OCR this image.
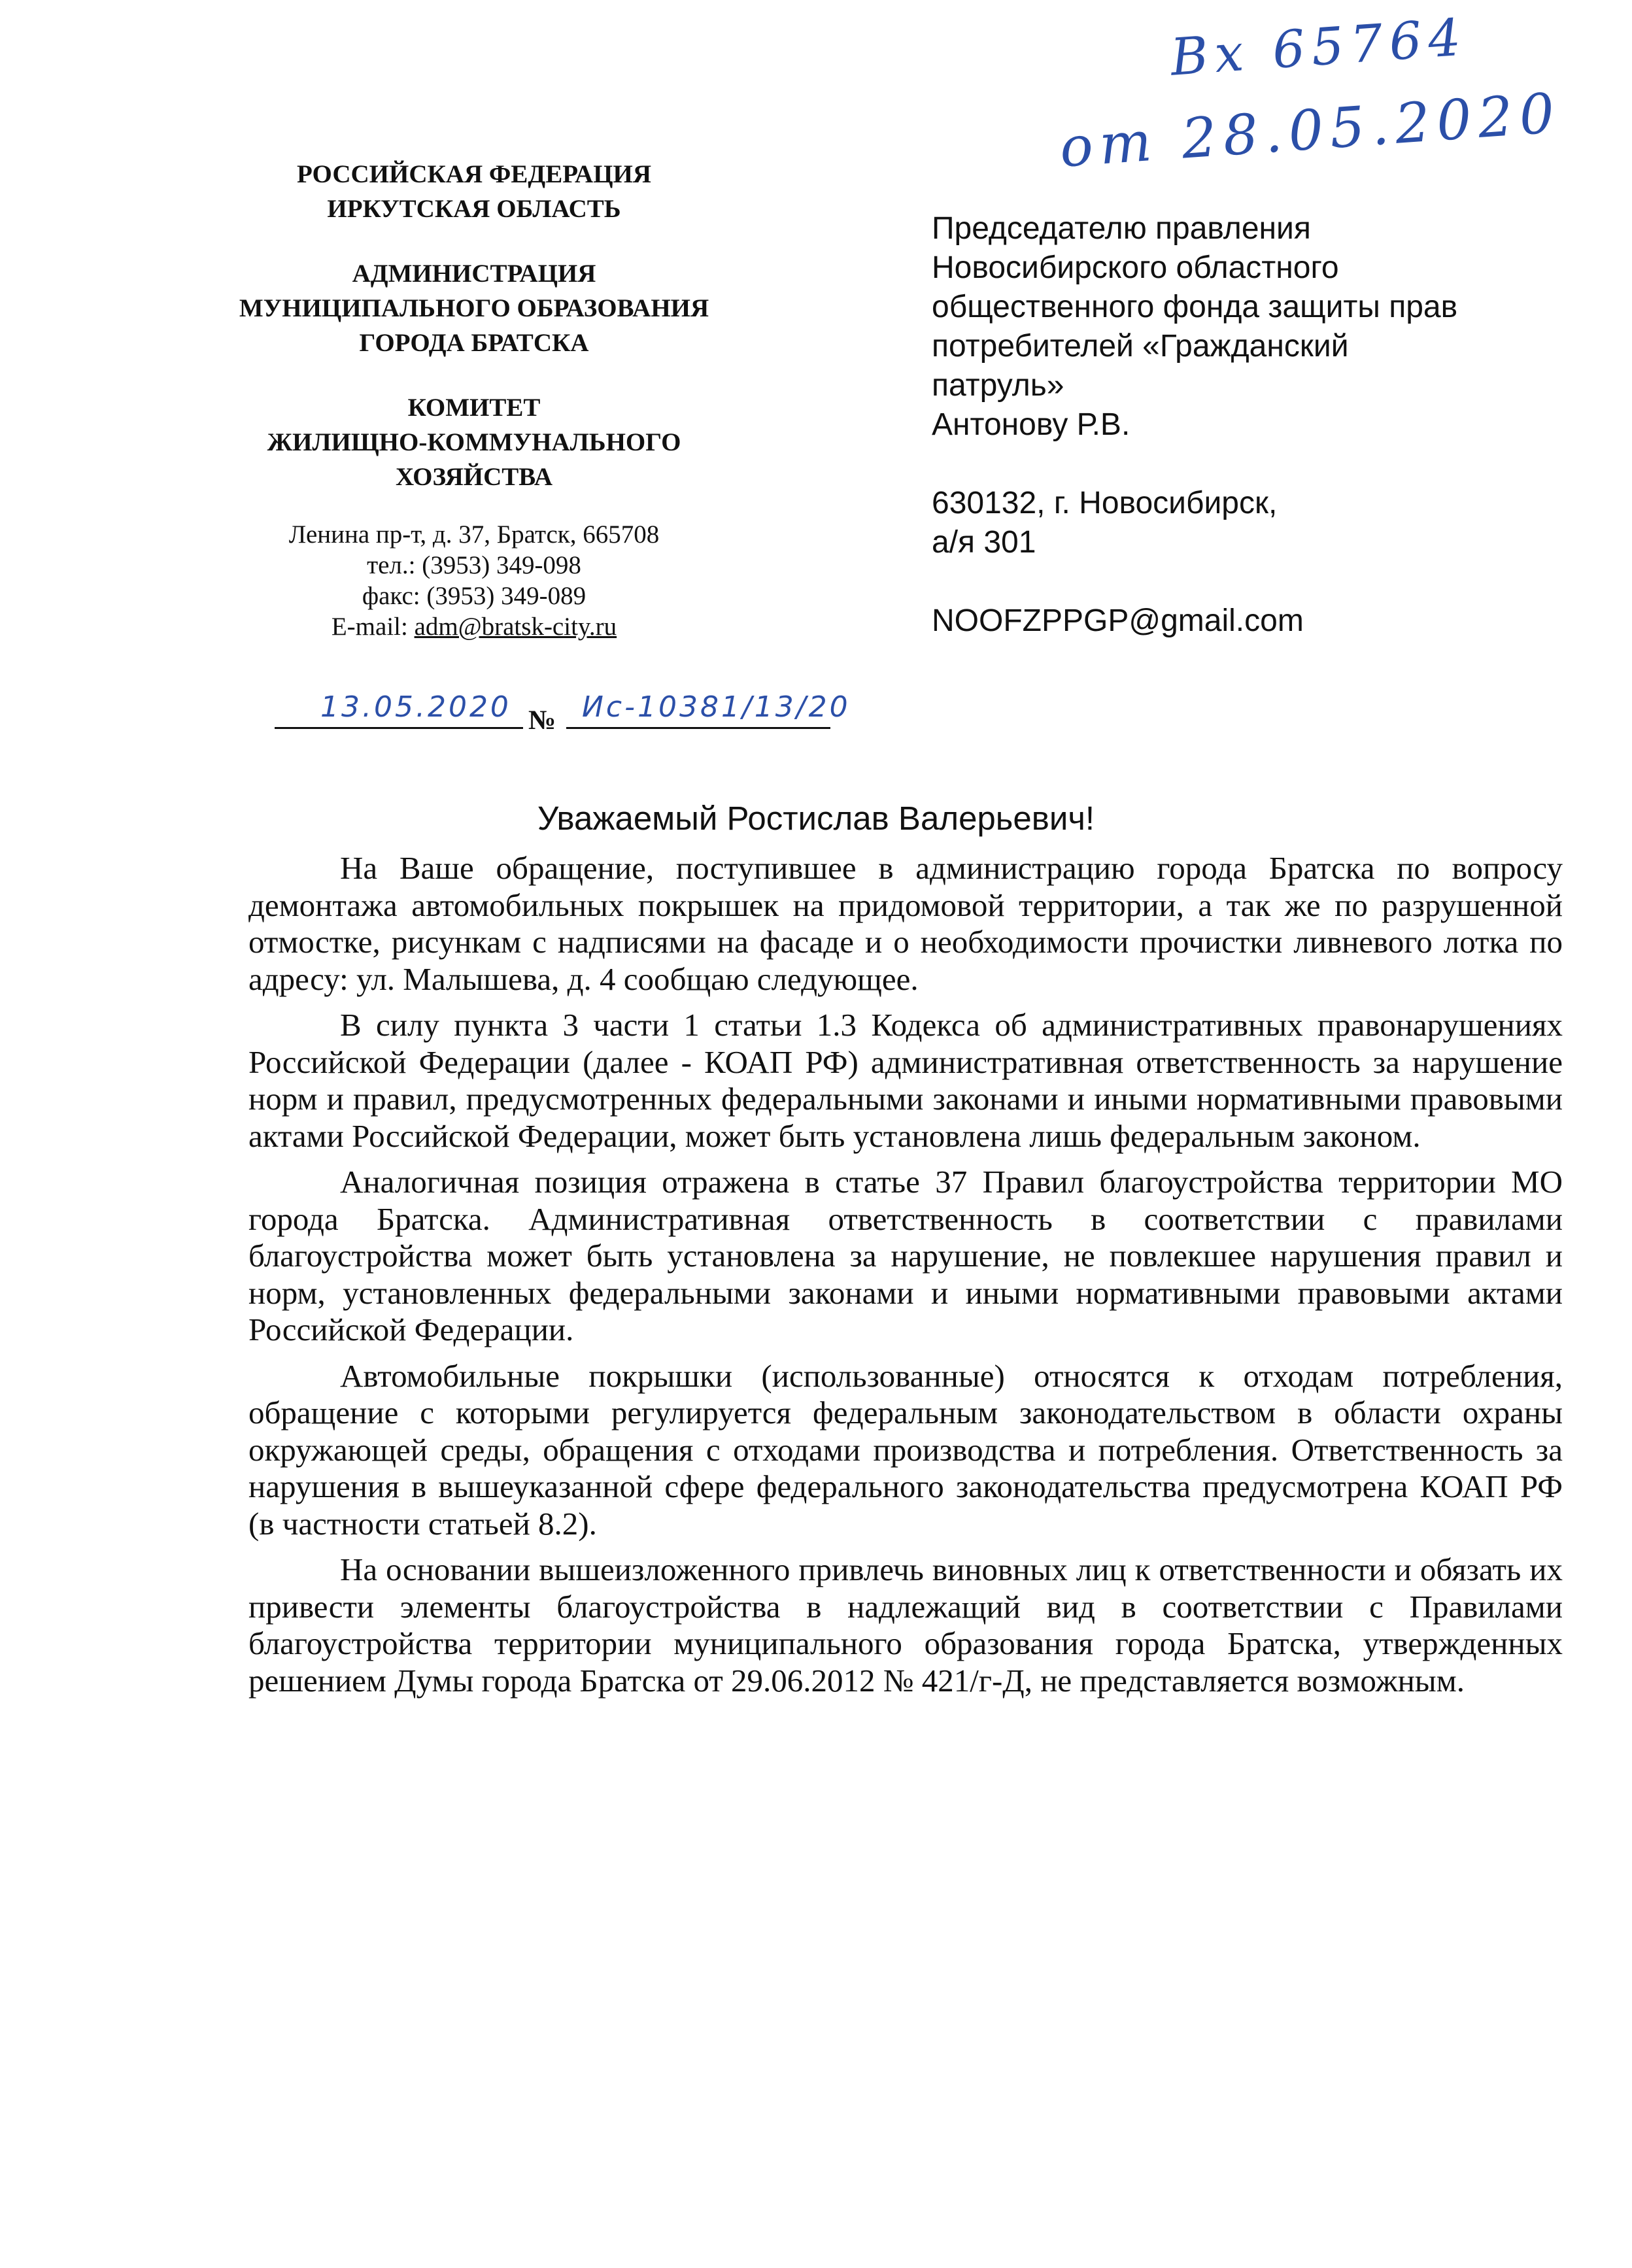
Вх 65764
от 28.05.2020

РОССИЙСКАЯ ФЕДЕРАЦИЯ

ИРКУТСКАЯ ОБЛАСТЬ

АДМИНИСТРАЦИЯ

МУНИЦИПАЛЬНОГО ОБРАЗОВАНИЯ

ГОРОДА БРАТСКА

КОМИТЕТ

ЖИЛИЩНО-КОММУНАЛЬНОГО

ХОЗЯЙСТВА

Ленина пр-т, д. 37, Братск, 665708
тел.: (3953) 349-098
факс: (3953) 349-089
E-mail: adm@bratsk-city.ru
13.05.2020 № Ис-10381/13/20
Председателю правления
Новосибирского областного
общественного фонда защиты прав
потребителей «Гражданский
патруль»
Антонову Р.В.
630132, г. Новосибирск,
а/я 301
NOOFZPPGP@gmail.com
Уважаемый Ростислав Валерьевич!

На Ваше обращение, поступившее в администрацию города Братска по вопросу демонтажа автомобильных покрышек на придомовой территории, а так же по разрушенной отмостке, рисункам с надписями на фасаде и о необходимости прочистки ливневого лотка по адресу: ул. Малышева, д. 4 сообщаю следующее.

В силу пункта 3 части 1 статьи 1.3 Кодекса об административных правонарушениях Российской Федерации (далее - КОАП РФ) административная ответственность за нарушение норм и правил, предусмотренных федеральными законами и иными нормативными правовыми актами Российской Федерации, может быть установлена лишь федеральным законом.

Аналогичная позиция отражена в статье 37 Правил благоустройства территории МО города Братска. Административная ответственность в соответствии с правилами благоустройства может быть установлена за нарушение, не повлекшее нарушения правил и норм, установленных федеральными законами и иными нормативными правовыми актами Российской Федерации.

Автомобильные покрышки (использованные) относятся к отходам потребления, обращение с которыми регулируется федеральным законодательством в области охраны окружающей среды, обращения с отходами производства и потребления. Ответственность за нарушения в вышеуказанной сфере федерального законодательства предусмотрена КОАП РФ (в частности статьей 8.2).

На основании вышеизложенного привлечь виновных лиц к ответственности и обязать их привести элементы благоустройства в надлежащий вид в соответствии с Правилами благоустройства территории муниципального образования города Братска, утвержденных решением Думы города Братска от 29.06.2012 № 421/г-Д, не представляется возможным.
